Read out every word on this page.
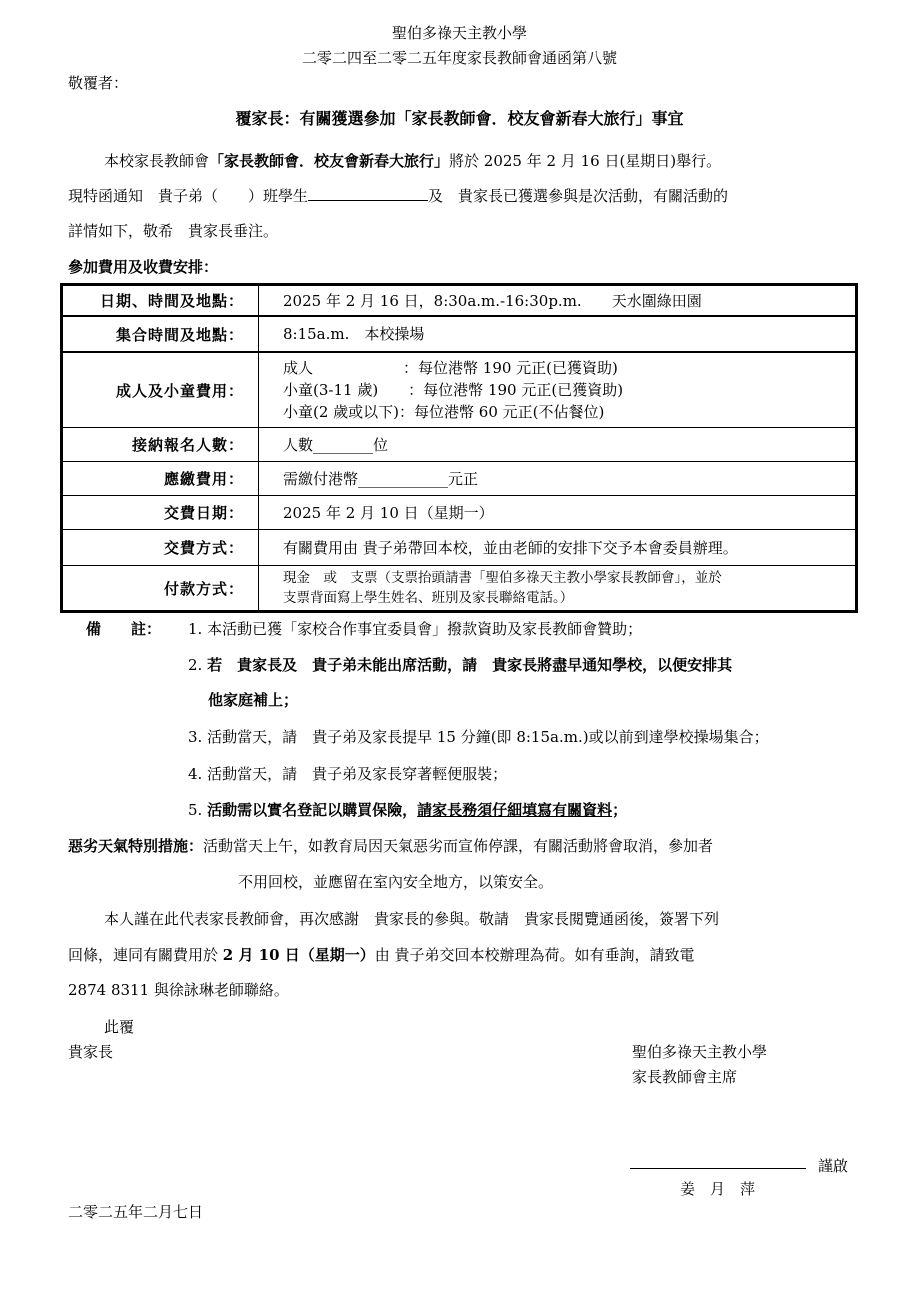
聖伯多祿天主教小學
二零二四至二零二五年度家長教師會通函第八號
敬覆者：
覆家長：有關獲選參加「家長教師會．校友會新春大旅行」事宜
本校家長教師會「家長教師會．校友會新春大旅行」將於 2025 年 2 月 16 日(星期日)舉行。
現特函通知　貴子弟（　　）班學生	及　貴家長已獲選參與是次活動，有關活動的
詳情如下，敬希　貴家長垂注。
參加費用及收費安排：
日期、時間及地點：	2025 年 2 月 16 日，8:30a.m.-16:30p.m.　　天水圍綠田園
集合時間及地點：	8:15a.m.　本校操場
成人及小童費用：
成人　　　　　　：每位港幣 190 元正(已獲資助)
小童(3-11 歲)　　：每位港幣 190 元正(已獲資助)
小童(2 歲或以下)：每位港幣 60 元正(不佔餐位)
接納報名人數：	人數________位
應繳費用：	需繳付港幣____________元正
交費日期：	2025 年 2 月 10 日（星期一）
交費方式：	有關費用由 貴子弟帶回本校，並由老師的安排下交予本會委員辦理。
付款方式：
現金　或　支票（支票抬頭請書「聖伯多祿天主教小學家長教師會」，並於
支票背面寫上學生姓名、班別及家長聯絡電話。）
備　　註： 1. 本活動已獲「家校合作事宜委員會」撥款資助及家長教師會贊助；
2. 若　貴家長及　貴子弟未能出席活動，請　貴家長將盡早通知學校，以便安排其
他家庭補上；
3. 活動當天，請　貴子弟及家長提早 15 分鐘(即 8:15a.m.)或以前到達學校操場集合；
4. 活動當天，請　貴子弟及家長穿著輕便服裝；
5. 活動需以實名登記以購買保險，請家長務須仔細填寫有關資料；
惡劣天氣特別措施：活動當天上午，如教育局因天氣惡劣而宣佈停課，有關活動將會取消，參加者
不用回校，並應留在室內安全地方，以策安全。
本人謹在此代表家長教師會，再次感謝　貴家長的參與。敬請　貴家長閱覽通函後，簽署下列
回條，連同有關費用於 2 月 10 日（星期一）由 貴子弟交回本校辦理為荷。如有垂詢，請致電
2874 8311 與徐詠琳老師聯絡。
此覆
貴家長	聖伯多祿天主教小學
家長教師會主席
謹啟
姜　月　萍
二零二五年二月七日
